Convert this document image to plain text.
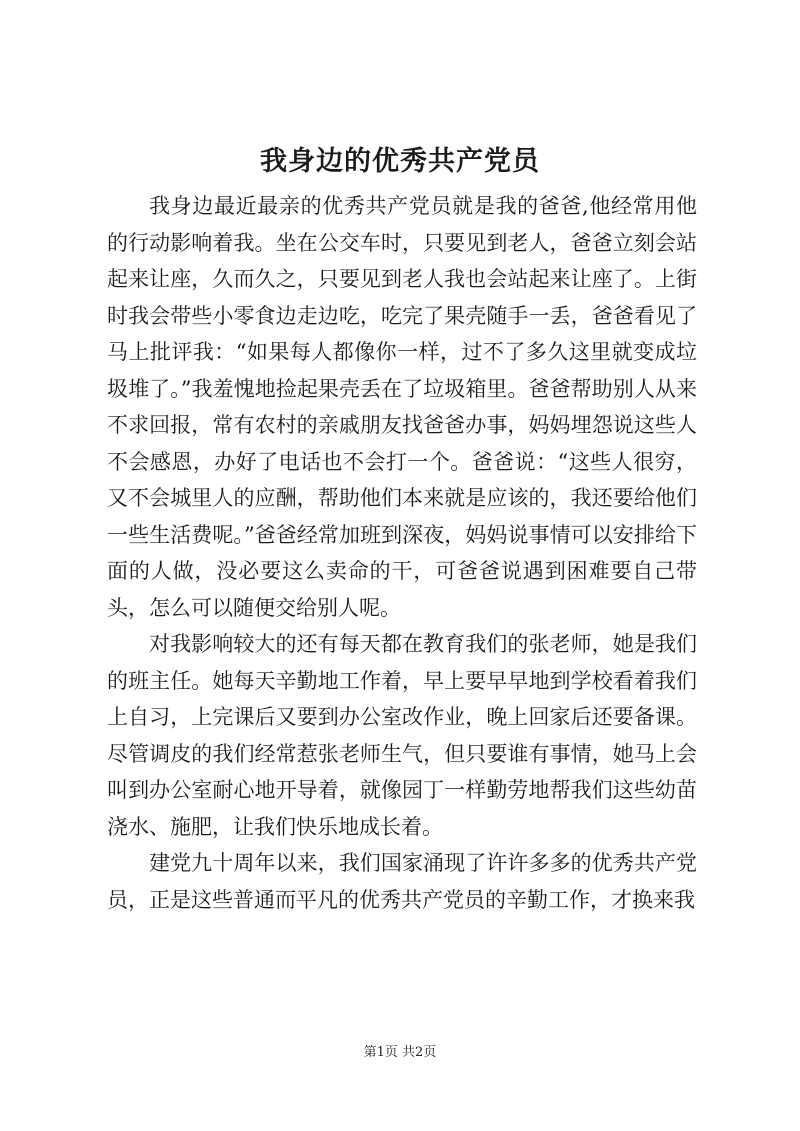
我身边的优秀共产党员

我身边最近最亲的优秀共产党员就是我的爸爸,他经常用他的行动影响着我。坐在公交车时，只要见到老人，爸爸立刻会站起来让座，久而久之，只要见到老人我也会站起来让座了。上街时我会带些小零食边走边吃，吃完了果壳随手一丢，爸爸看见了马上批评我：“如果每人都像你一样，过不了多久这里就变成垃圾堆了。”我羞愧地捡起果壳丢在了垃圾箱里。爸爸帮助别人从来不求回报，常有农村的亲戚朋友找爸爸办事，妈妈埋怨说这些人不会感恩，办好了电话也不会打一个。爸爸说：“这些人很穷，又不会城里人的应酬，帮助他们本来就是应该的，我还要给他们一些生活费呢。”爸爸经常加班到深夜，妈妈说事情可以安排给下面的人做，没必要这么卖命的干，可爸爸说遇到困难要自己带头，怎么可以随便交给别人呢。

对我影响较大的还有每天都在教育我们的张老师，她是我们的班主任。她每天辛勤地工作着，早上要早早地到学校看着我们上自习，上完课后又要到办公室改作业，晚上回家后还要备课。尽管调皮的我们经常惹张老师生气，但只要谁有事情，她马上会叫到办公室耐心地开导着，就像园丁一样勤劳地帮我们这些幼苗浇水、施肥，让我们快乐地成长着。

建党九十周年以来，我们国家涌现了许许多多的优秀共产党员，正是这些普通而平凡的优秀共产党员的辛勤工作，才换来我

第1页 共2页
